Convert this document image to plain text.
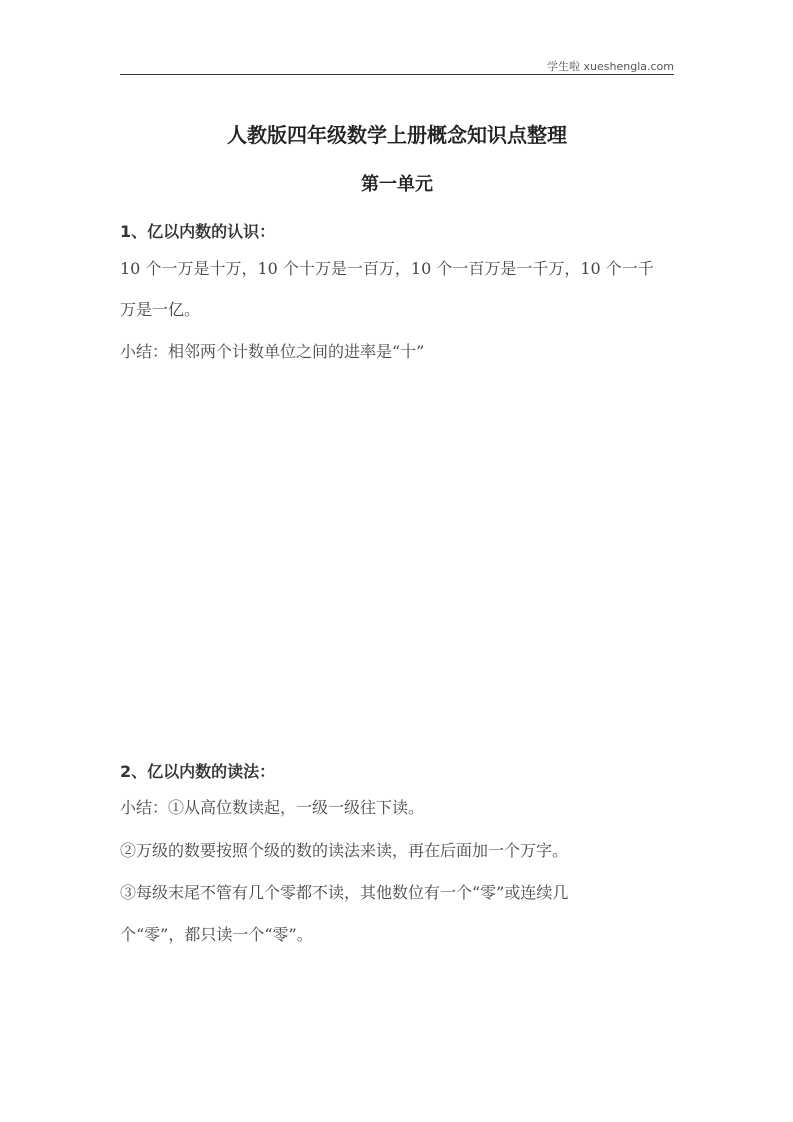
学生啦 xueshengla.com
人教版四年级数学上册概念知识点整理
第一单元
1、亿以内数的认识：
10 个一万是十万，10 个十万是一百万，10 个一百万是一千万，10 个一千
万是一亿。
小结：相邻两个计数单位之间的进率是“十”
2、亿以内数的读法：
小结：①从高位数读起，一级一级往下读。
②万级的数要按照个级的数的读法来读，再在后面加一个万字。
③每级末尾不管有几个零都不读，其他数位有一个“零”或连续几
个“零”，都只读一个“零”。
